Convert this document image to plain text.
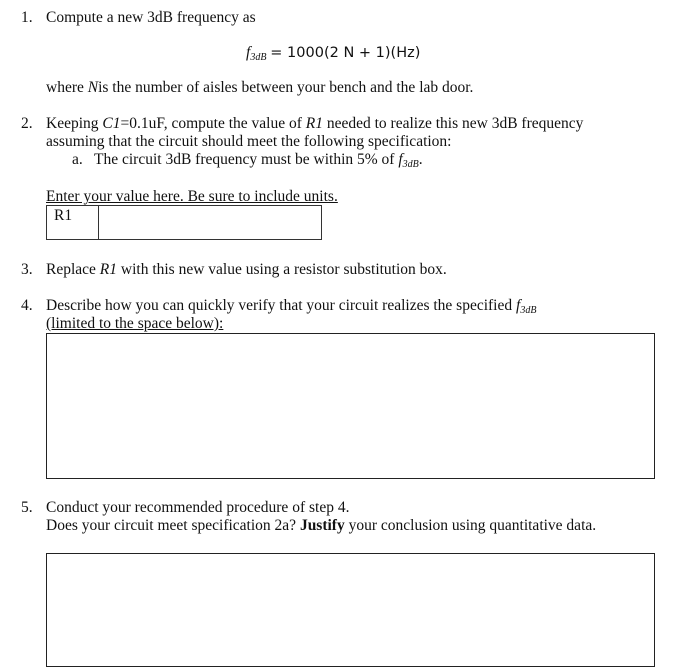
1. Compute a new 3dB frequency as
$f_{3dB} = 1000(2$ N + 1)(Hz)
where Nis the number of aisles between your bench and the lab door.
2. Keeping C1=0.1uF, compute the value of R1 needed to realize this new 3dB frequency
assuming that the circuit should meet the following specification:
a. The circuit 3dB frequency must be within 5% of $f_{3dB}$.
Enter your value here. Be sure to include units.
R1
3. Replace R1 with this new value using a resistor substitution box.
4. Describe how you can quickly verify that your circuit realizes the specified $f_{3dB}$
(limited to the space below):
5. Conduct your recommended procedure of step 4.
Does your circuit meet specification 2a? Justify your conclusion using quantitative data.
